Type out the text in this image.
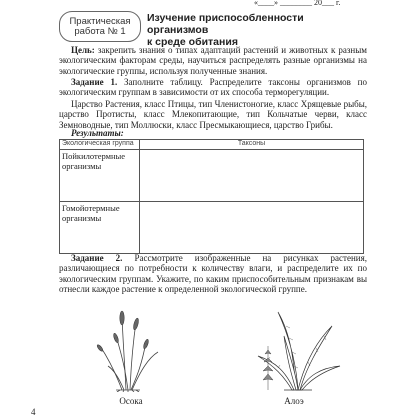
«____» ________ 20___ г.
Практическая
работа № 1
Изучение приспособленности организмов
к среде обитания
Цель: закрепить знания о типах адаптаций растений и животных к разным экологическим факторам среды, научиться распределять разные организмы на экологические группы, используя полученные знания.
Задание 1. Заполните таблицу. Распределите таксоны организмов по экологическим группам в зависимости от их способа терморегуляции.
Царство Растения, класс Птицы, тип Членистоногие, класс Хрящевые рыбы, царство Протисты, класс Млекопитающие, тип Кольчатые черви, класс Земноводные, тип Моллюски, класс Пресмыкающиеся, царство Грибы.
Результаты:
Экологическая группа	Таксоны

Пойкилотермные
организмы	

Гомойотермные
организмы	

Задание 2. Рассмотрите изображенные на рисунках растения, различающиеся по потребности к количеству влаги, и распределите их по экологическим группам. Укажите, по каким приспособительным признакам вы отнесли каждое растение к определенной экологической группе.
Осока	Алоэ
4
